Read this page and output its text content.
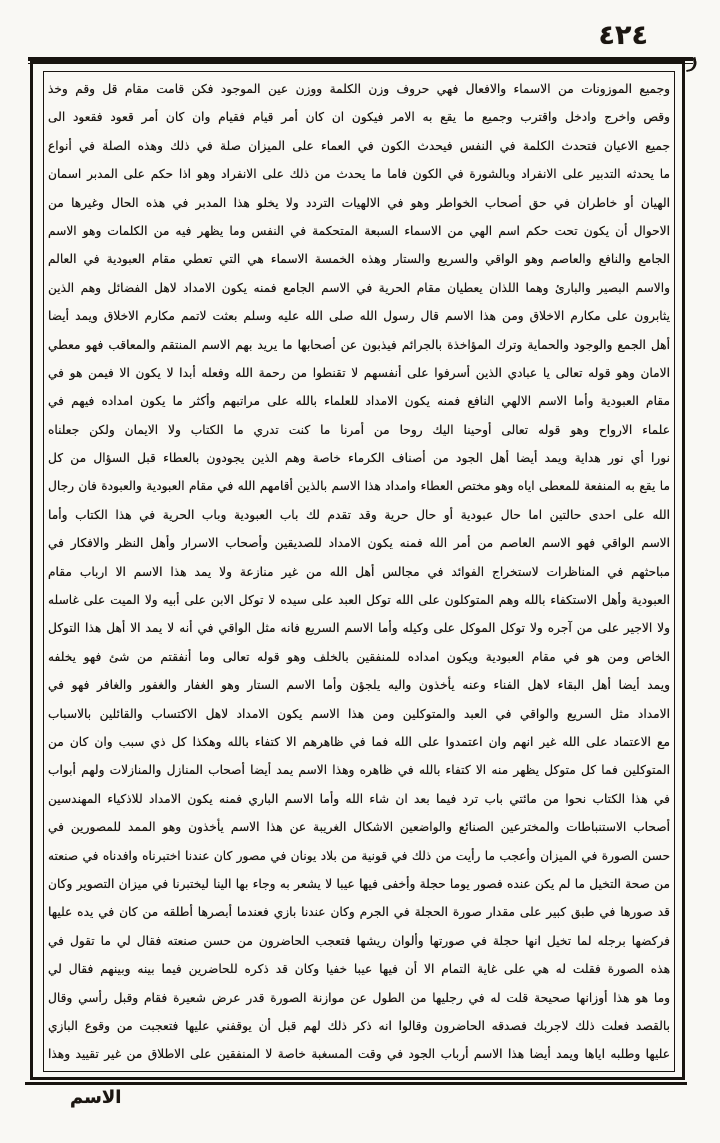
٤٢٤
وجميع الموزونات من الاسماء والافعال فهي حروف وزن الكلمة ووزن عين الموجود فكن قامت مقام قل وقم وخذ
وقص واخرج وادخل واقترب وجميع ما يقع به الامر فيكون ان كان أمر قيام فقيام وان كان أمر قعود فقعود الى
جميع الاعيان فتحدث الكلمة في النفس فيحدث الكون في العماء على الميزان صلة في ذلك وهذه الصلة في أنواع
ما يحدثه التدبير على الانفراد وبالشورة في الكون فاما ما يحدث من ذلك على الانفراد وهو اذا حكم على المدبر اسمان
الهيان أو خاطران في حق أصحاب الخواطر وهو في الالهيات التردد ولا يخلو هذا المدبر في هذه الحال وغيرها من
الاحوال أن يكون تحت حكم اسم الهي من الاسماء السبعة المتحكمة في النفس وما يظهر فيه من الكلمات وهو الاسم
الجامع والنافع والعاصم وهو الواقي والسريع والستار وهذه الخمسة الاسماء هي التي تعطي مقام العبودية في العالم
والاسم البصير والبارئ وهما اللذان يعطيان مقام الحرية في الاسم الجامع فمنه يكون الامداد لاهل الفضائل وهم الذين
يثابرون على مكارم الاخلاق ومن هذا الاسم قال رسول الله صلى الله عليه وسلم بعثت لاتمم مكارم الاخلاق ويمد أيضا
أهل الجمع والوجود والحماية وترك المؤاخذة بالجرائم فيذبون عن أصحابها ما يريد بهم الاسم المنتقم والمعاقب فهو معطي
الامان وهو قوله تعالى يا عبادي الذين أسرفوا على أنفسهم لا تقنطوا من رحمة الله وفعله أبدا لا يكون الا فيمن هو في
مقام العبودية وأما الاسم الالهي النافع فمنه يكون الامداد للعلماء بالله على مراتبهم وأكثر ما يكون امداده فيهم في
علماء الارواح وهو قوله تعالى أوحينا اليك روحا من أمرنا ما كنت تدري ما الكتاب ولا الايمان ولكن جعلناه
نورا أي نور هداية ويمد أيضا أهل الجود من أصناف الكرماء خاصة وهم الذين يجودون بالعطاء قبل السؤال من كل
ما يقع به المنفعة للمعطى اياه وهو مختص العطاء وامداد هذا الاسم بالذين أقامهم الله في مقام العبودية والعبودة فان رجال
الله على احدى حالتين اما حال عبودية أو حال حرية وقد تقدم لك باب العبودية وباب الحرية في هذا الكتاب وأما
الاسم الواقي فهو الاسم العاصم من أمر الله فمنه يكون الامداد للصديقين وأصحاب الاسرار وأهل النظر والافكار في
مباحثهم في المناظرات لاستخراج الفوائد في مجالس أهل الله من غير منازعة ولا يمد هذا الاسم الا ارباب مقام
العبودية وأهل الاستكفاء بالله وهم المتوكلون على الله توكل العبد على سيده لا توكل الابن على أبيه ولا الميت على غاسله
ولا الاجير على من آجره ولا توكل الموكل على وكيله وأما الاسم السريع فانه مثل الواقي في أنه لا يمد الا أهل هذا التوكل
الخاص ومن هو في مقام العبودية ويكون امداده للمنفقين بالخلف وهو قوله تعالى وما أنفقتم من شئ فهو يخلفه
ويمد أيضا أهل البقاء لاهل الفناء وعنه يأخذون واليه يلجؤن وأما الاسم الستار وهو الغفار والغفور والغافر فهو في
الامداد مثل السريع والواقي في العبد والمتوكلين ومن هذا الاسم يكون الامداد لاهل الاكتساب والقائلين بالاسباب
مع الاعتماد على الله غير انهم وان اعتمدوا على الله فما في ظاهرهم الا كتفاء بالله وهكذا كل ذي سبب وان كان من
المتوكلين فما كل متوكل يظهر منه الا كتفاء بالله في ظاهره وهذا الاسم يمد أيضا أصحاب المنازل والمنازلات ولهم أبواب
في هذا الكتاب نحوا من مائتي باب ترد فيما بعد ان شاء الله وأما الاسم الباري فمنه يكون الامداد للاذكياء المهندسين
أصحاب الاستنباطات والمخترعين الصنائع والواضعين الاشكال الغريبة عن هذا الاسم يأخذون وهو الممد للمصورين في
حسن الصورة في الميزان وأعجب ما رأيت من ذلك في قونية من بلاد يونان في مصور كان عندنا اختبرناه وافدناه في صنعته
من صحة التخيل ما لم يكن عنده فصور يوما حجلة وأخفى فيها عيبا لا يشعر به وجاء بها الينا ليختبرنا في ميزان التصوير وكان
قد صورها في طبق كبير على مقدار صورة الحجلة في الجرم وكان عندنا بازي فعندما أبصرها أطلقه من كان في يده عليها
فركضها برجله لما تخيل انها حجلة في صورتها وألوان ريشها فتعجب الحاضرون من حسن صنعته فقال لي ما تقول في
هذه الصورة فقلت له هي على غاية التمام الا أن فيها عيبا خفيا وكان قد ذكره للحاضرين فيما بينه وبينهم فقال لي
وما هو هذا أوزانها صحيحة قلت له في رجليها من الطول عن موازنة الصورة قدر عرض شعيرة فقام وقبل رأسي وقال
بالقصد فعلت ذلك لاجربك فصدقه الحاضرون وقالوا انه ذكر ذلك لهم قبل أن يوقفني عليها فتعجبت من وقوع البازي
عليها وطلبه اياها ويمد أيضا هذا الاسم أرباب الجود في وقت المسغبة خاصة لا المنفقين على الاطلاق من غير تقييد وهذا
الاسم
